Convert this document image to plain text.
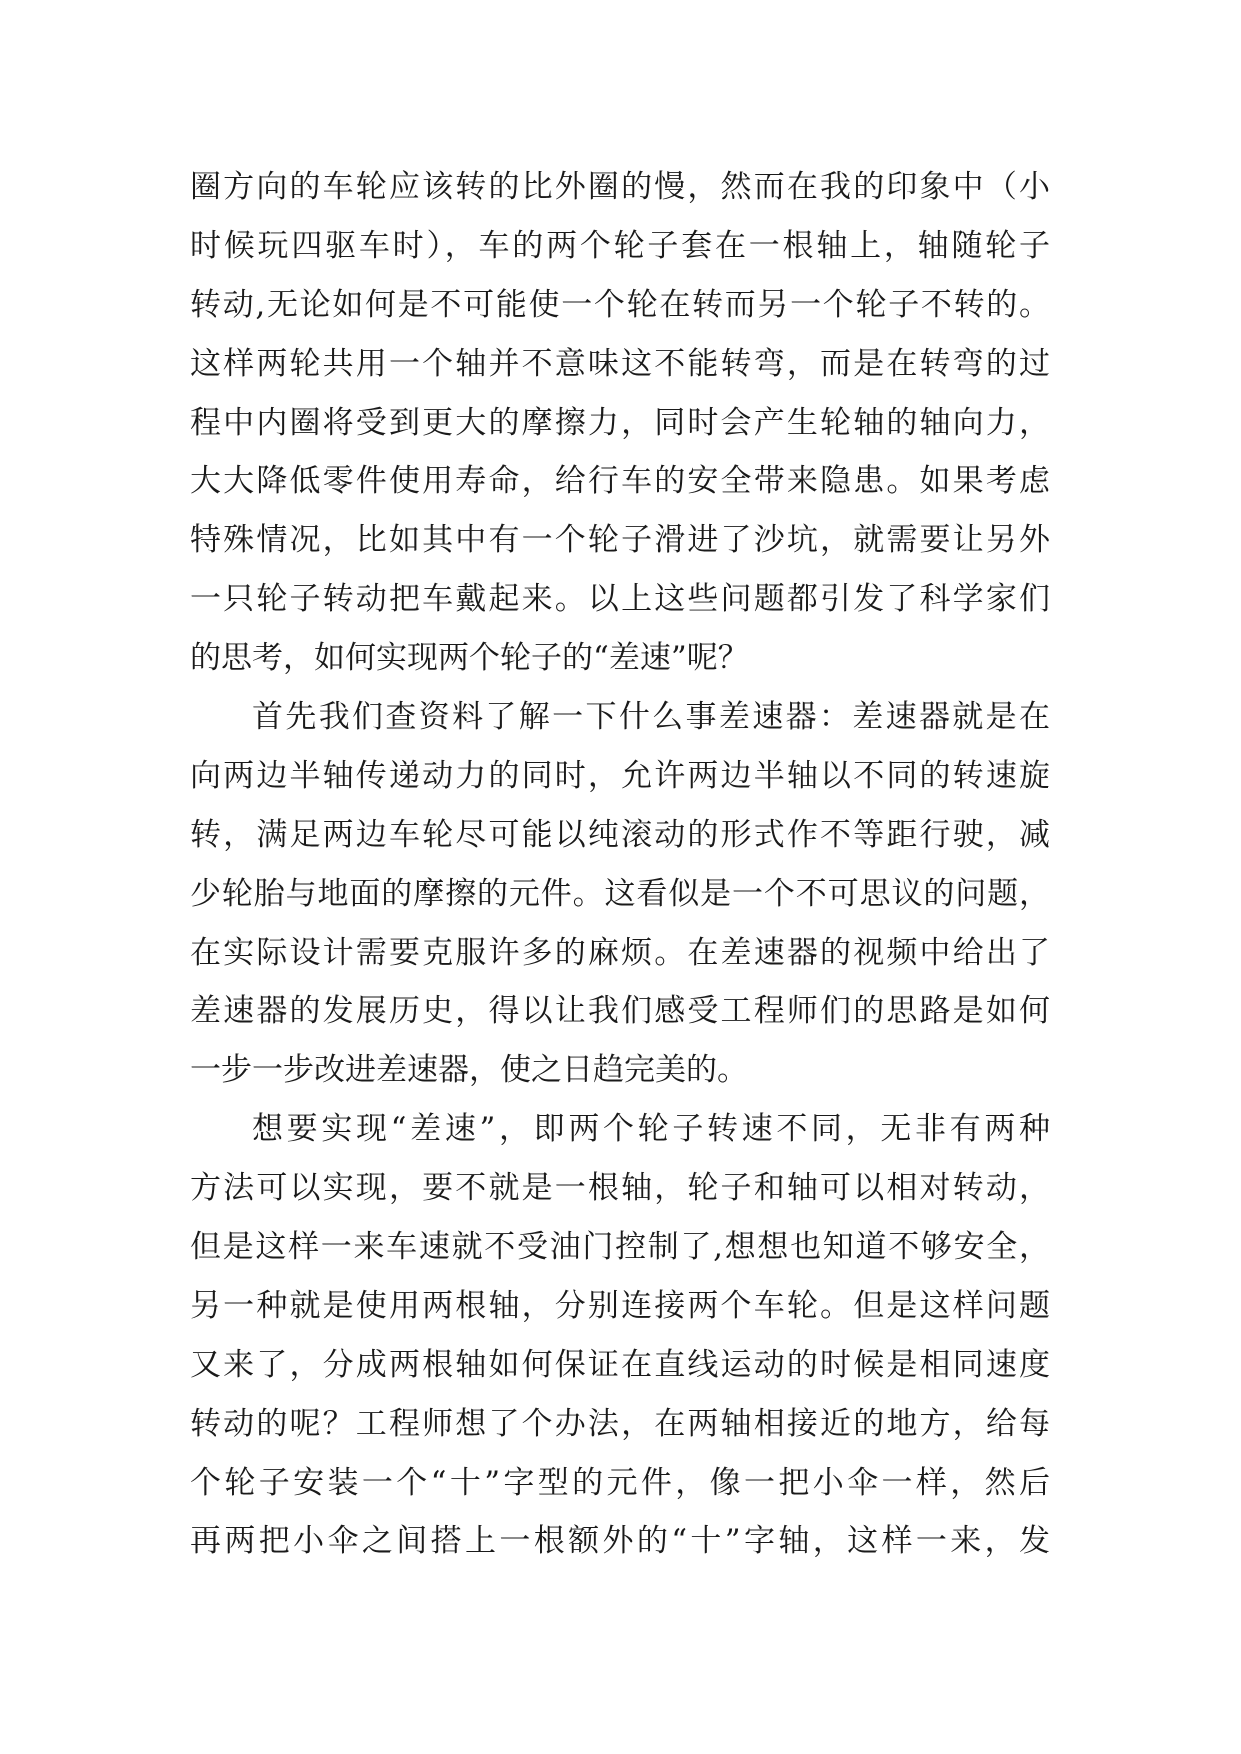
圈方向的车轮应该转的比外圈的慢，然而在我的印象中（小
时候玩四驱车时），车的两个轮子套在一根轴上，轴随轮子
转动,无论如何是不可能使一个轮在转而另一个轮子不转的。
这样两轮共用一个轴并不意味这不能转弯，而是在转弯的过
程中内圈将受到更大的摩擦力，同时会产生轮轴的轴向力，
大大降低零件使用寿命，给行车的安全带来隐患。如果考虑
特殊情况，比如其中有一个轮子滑进了沙坑，就需要让另外
一只轮子转动把车戴起来。以上这些问题都引发了科学家们
的思考，如何实现两个轮子的“差速”呢？
首先我们查资料了解一下什么事差速器：差速器就是在
向两边半轴传递动力的同时，允许两边半轴以不同的转速旋
转，满足两边车轮尽可能以纯滚动的形式作不等距行驶，减
少轮胎与地面的摩擦的元件。这看似是一个不可思议的问题，
在实际设计需要克服许多的麻烦。在差速器的视频中给出了
差速器的发展历史，得以让我们感受工程师们的思路是如何
一步一步改进差速器，使之日趋完美的。
想要实现“差速”，即两个轮子转速不同，无非有两种
方法可以实现，要不就是一根轴，轮子和轴可以相对转动，
但是这样一来车速就不受油门控制了,想想也知道不够安全，
另一种就是使用两根轴，分别连接两个车轮。但是这样问题
又来了，分成两根轴如何保证在直线运动的时候是相同速度
转动的呢？工程师想了个办法，在两轴相接近的地方，给每
个轮子安装一个“十”字型的元件，像一把小伞一样，然后
再两把小伞之间搭上一根额外的“十”字轴，这样一来，发
